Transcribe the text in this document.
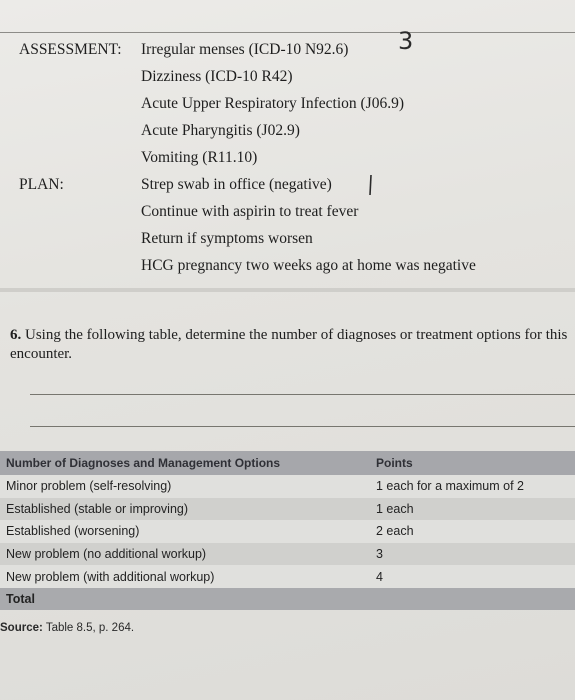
ASSESSMENT: Irregular menses (ICD-10 N92.6)
Dizziness (ICD-10 R42)
Acute Upper Respiratory Infection (J06.9)
Acute Pharyngitis (J02.9)
Vomiting (R11.10)
3
PLAN:	Strep swab in office (negative)
Continue with aspirin to treat fever
Return if symptoms worsen
HCG pregnancy two weeks ago at home was negative
6. Using the following table, determine the number of diagnoses or treatment options for this encounter.
Number of Diagnoses and Management Options	Points
Minor problem (self-resolving)	1 each for a maximum of 2
Established (stable or improving)	1 each
Established (worsening)	2 each
New problem (no additional workup)	3
New problem (with additional workup)	4
Total	
Source: Table 8.5, p. 264.
